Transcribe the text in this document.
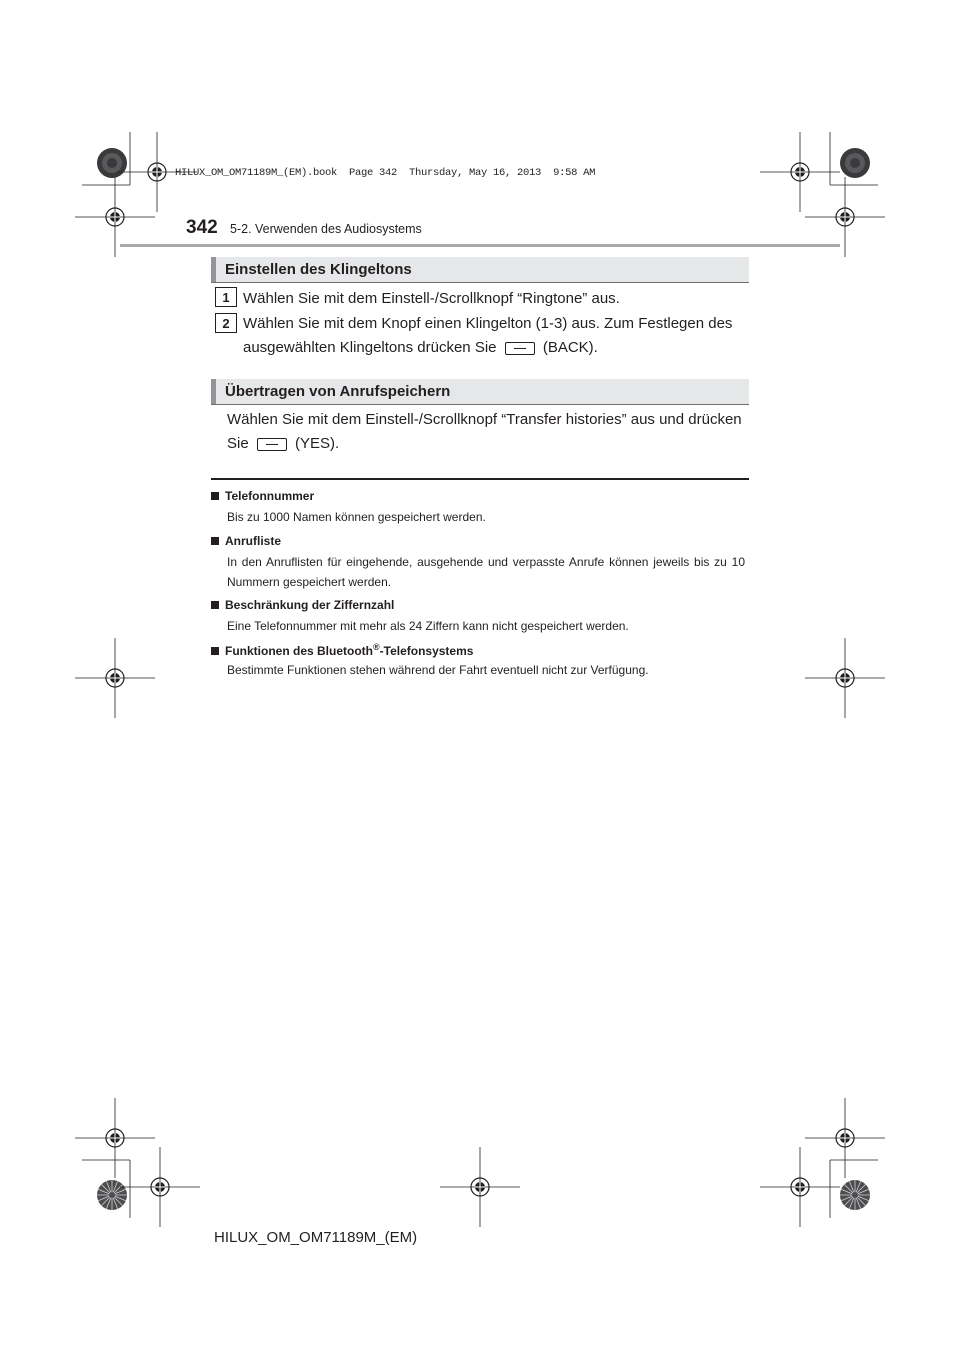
HILUX_OM_OM71189M_(EM).book  Page 342  Thursday, May 16, 2013  9:58 AM
342 5-2. Verwenden des Audiosystems
Einstellen des Klingeltons
1 Wählen Sie mit dem Einstell-/Scrollknopf “Ringtone” aus.
2 Wählen Sie mit dem Knopf einen Klingelton (1-3) aus. Zum Festlegen des
ausgewählten Klingeltons drücken Sie	(BACK).
Übertragen von Anrufspeichern
Wählen Sie mit dem Einstell-/Scrollknopf “Transfer histories” aus und drücken
Sie	(YES).
Telefonnummer
Bis zu 1000 Namen können gespeichert werden.
Anrufliste
In den Anruflisten für eingehende, ausgehende und verpasste Anrufe können jeweils bis zu 10 Nummern gespeichert werden.
Beschränkung der Ziffernzahl
Eine Telefonnummer mit mehr als 24 Ziffern kann nicht gespeichert werden.
Funktionen des Bluetooth®-Telefonsystems
Bestimmte Funktionen stehen während der Fahrt eventuell nicht zur Verfügung.
HILUX_OM_OM71189M_(EM)
